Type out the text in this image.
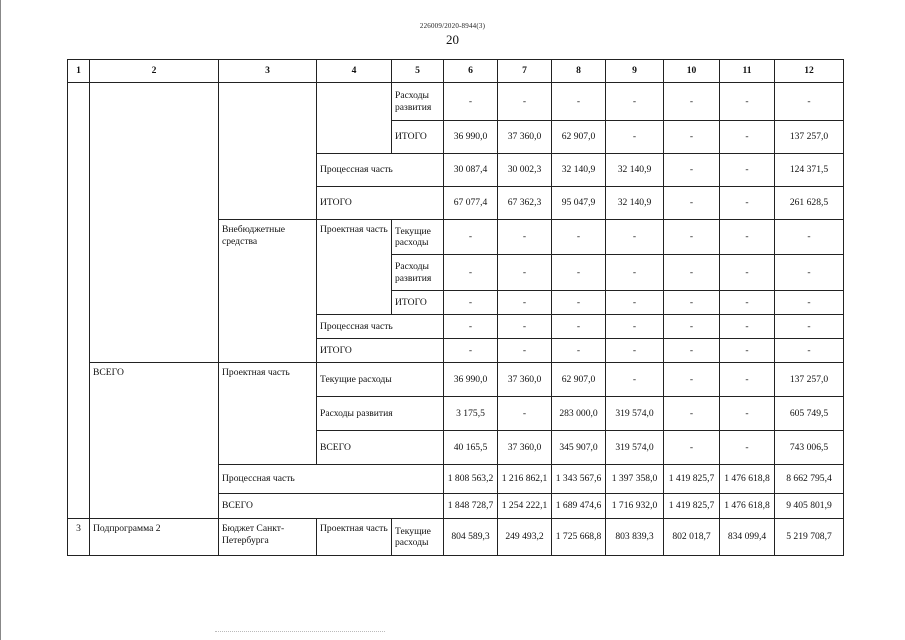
226009/2020-8944(3)
20
1	2	3	4	5	6	7	8	9	10	11	12
				Расходы развития	-	-	-	-	-	-	-
				ИТОГО	36 990,0	37 360,0	62 907,0	-	-	-	137 257,0
			Процессная часть		30 087,4	30 002,3	32 140,9	32 140,9	-	-	124 371,5
			ИТОГО		67 077,4	67 362,3	95 047,9	32 140,9	-	-	261 628,5
		Внебюджетные средства	Проектная часть	Текущие расходы	-	-	-	-	-	-	-
				Расходы развития	-	-	-	-	-	-	-
				ИТОГО	-	-	-	-	-	-	-
			Процессная часть		-	-	-	-	-	-	-
			ИТОГО		-	-	-	-	-	-	-
	ВСЕГО	Проектная часть	Текущие расходы		36 990,0	37 360,0	62 907,0	-	-	-	137 257,0
			Расходы развития		3 175,5	-	283 000,0	319 574,0	-	-	605 749,5
			ВСЕГО		40 165,5	37 360,0	345 907,0	319 574,0	-	-	743 006,5
		Процессная часть			1 808 563,2	1 216 862,1	1 343 567,6	1 397 358,0	1 419 825,7	1 476 618,8	8 662 795,4
		ВСЕГО			1 848 728,7	1 254 222,1	1 689 474,6	1 716 932,0	1 419 825,7	1 476 618,8	9 405 801,9
3	Подпрограмма 2	Бюджет Санкт-Петербурга	Проектная часть	Текущие расходы	804 589,3	249 493,2	1 725 668,8	803 839,3	802 018,7	834 099,4	5 219 708,7
